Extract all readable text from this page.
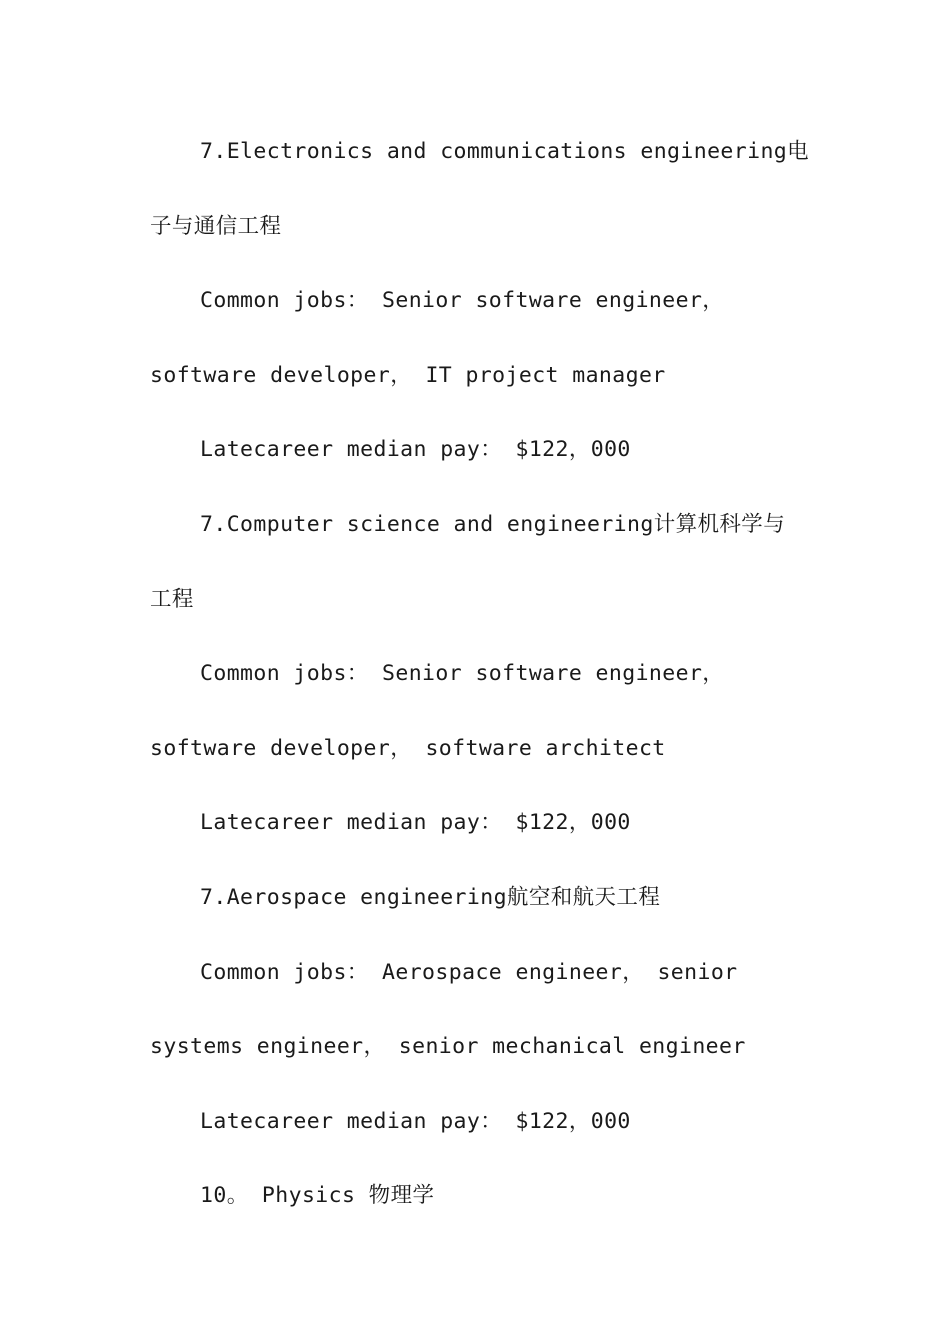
7.Electronics and communications engineering电
子与通信工程
Common jobs： Senior software engineer，
software developer， IT project manager
Latecareer median pay： $122，000
7.Computer science and engineering计算机科学与
工程
Common jobs： Senior software engineer，
software developer， software architect
Latecareer median pay： $122，000
7.Aerospace engineering航空和航天工程
Common jobs： Aerospace engineer， senior
systems engineer， senior mechanical engineer
Latecareer median pay： $122，000
10。 Physics 物理学
